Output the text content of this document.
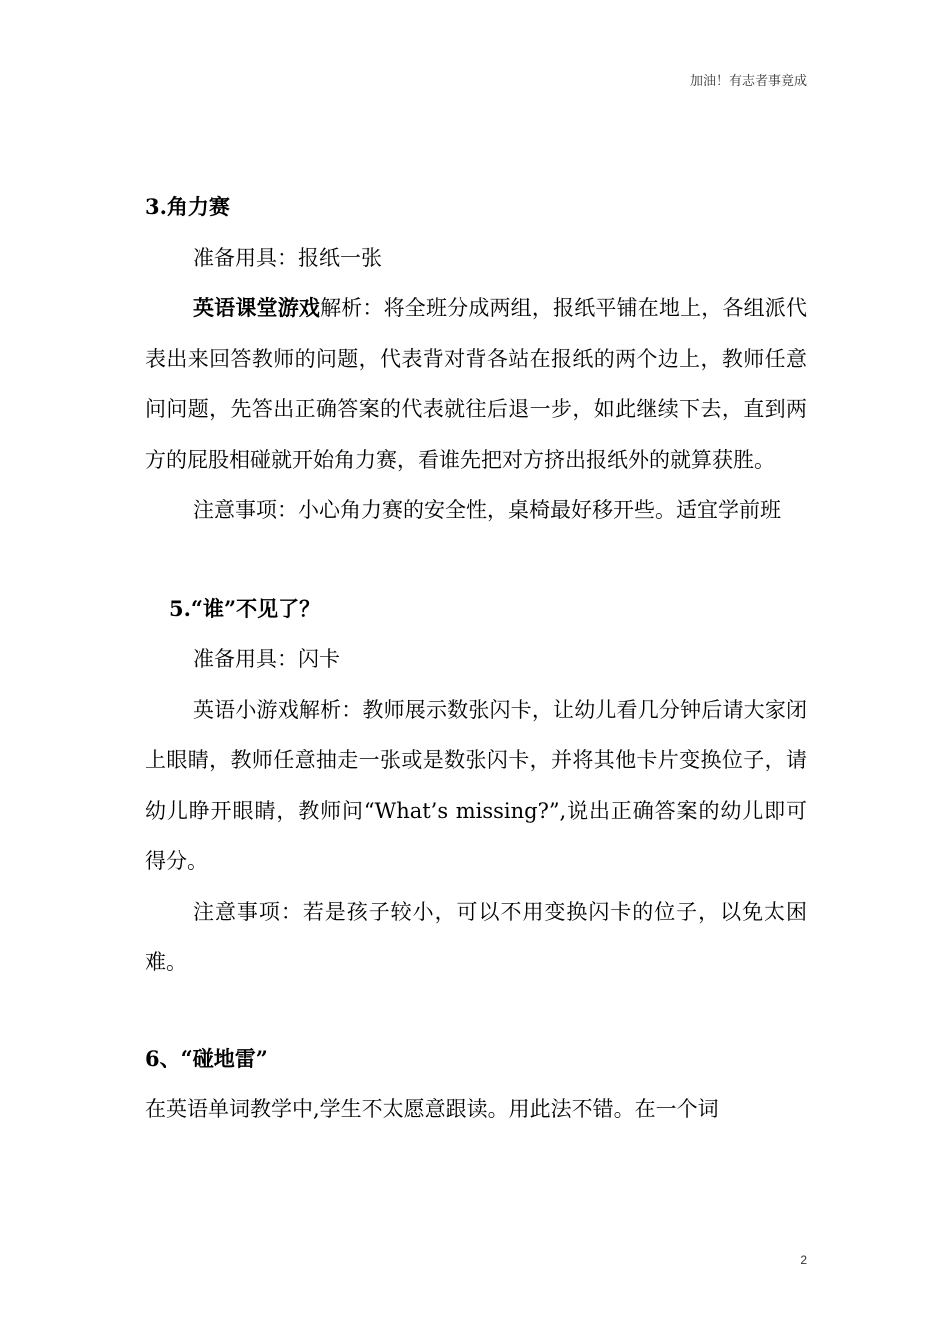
加油！有志者事竟成

3.角力赛

准备用具：报纸一张

英语课堂游戏解析：将全班分成两组，报纸平铺在地上，各组派代表出来回答教师的问题，代表背对背各站在报纸的两个边上，教师任意问问题，先答出正确答案的代表就往后退一步，如此继续下去，直到两方的屁股相碰就开始角力赛，看谁先把对方挤出报纸外的就算获胜。

注意事项：小心角力赛的安全性，桌椅最好移开些。适宜学前班

5.“谁”不见了？

准备用具：闪卡

英语小游戏解析：教师展示数张闪卡，让幼儿看几分钟后请大家闭上眼睛，教师任意抽走一张或是数张闪卡，并将其他卡片变换位子，请幼儿睁开眼睛，教师问“What’s missing?”,说出正确答案的幼儿即可得分。

注意事项：若是孩子较小，可以不用变换闪卡的位子，以免太困难。

6、“碰地雷”

在英语单词教学中,学生不太愿意跟读。用此法不错。在一个词

2
